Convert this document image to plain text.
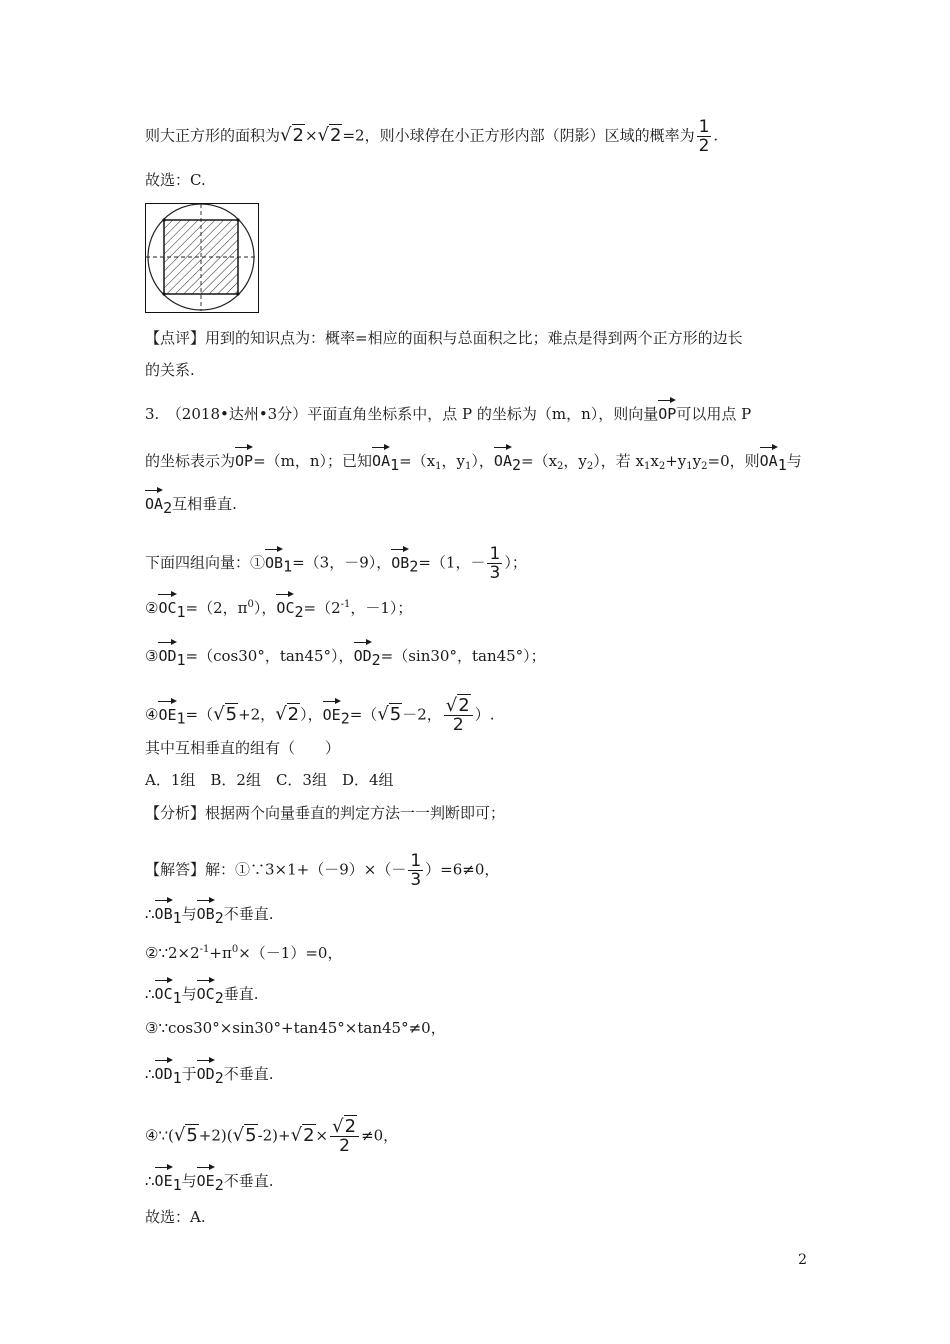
则大正方形的面积为√2×√2=2，则小球停在小正方形内部（阴影）区域的概率为 $\frac{1}{2}$ .
故选：C.
【点评】用到的知识点为：概率=相应的面积与总面积之比；难点是得到两个正方形的边长
的关系.
3.　（2018•达州•3分）平面直角坐标系中，点 P 的坐标为（m，n），则向量OP可以用点 P
的坐标表示为OP=（m，n）；已知$OA1=(x_1$，$y_1$），$OA2=(x_2$，$y_2$），若 $x_1x_2+y_1y_2=0$，则OA1与
OA2互相垂直.
下面四组向量：①OB1=（3，－9），OB2=（1，－ $\frac{1}{3}$ ）；
②OC1=（2，$\pi^0$），$OC2=(2^{-1}$，－1）；
③OD1=（cos30°，tan45°），OD2=（sin30°，tan45°）；
④OE1=（√5+2，√2），OE2=（√5－2， $\frac{√2}{2}$ ）.
其中互相垂直的组有（　　）
A．1组　B．2组　C．3组　D．4组
【分析】根据两个向量垂直的判定方法一一判断即可；
【解答】解：①∵3×1+（－9）×（－ $\frac{1}{3} )=6\ne 0$，
∴OB1与OB2不垂直.
$②\because 2\times 2^{-1}+\pi^0\times(-1)=0$，
∴OC1与OC2垂直.
③∵cos30°×sin30°+tan45°×tan45°≠0，
∴OD1于OD2不垂直.
④∵(√5+2)(√5-2)+√2× $\frac{√2}{2} \ne 0$，
∴OE1与OE2不垂直.
故选：A.
2
